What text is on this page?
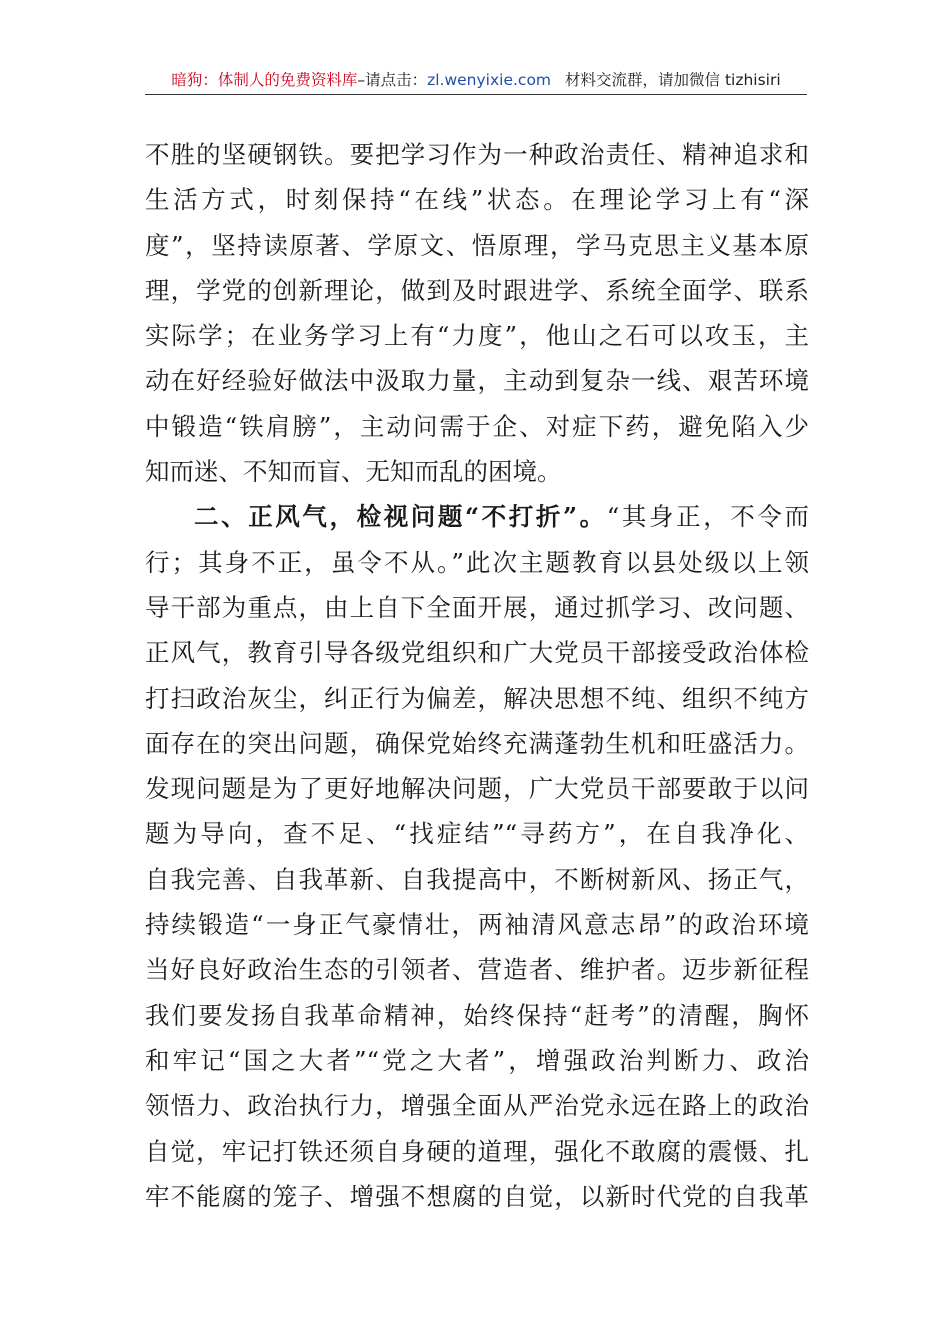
暗狗：体制人的免费资料库–请点击：zl.wenyixie.com 材料交流群，请加微信 tizhisiri
不胜的坚硬钢铁。要把学习作为一种政治责任、精神追求和
生活方式，时刻保持“在线”状态。在理论学习上有“深
度”，坚持读原著、学原文、悟原理，学马克思主义基本原
理，学党的创新理论，做到及时跟进学、系统全面学、联系
实际学；在业务学习上有“力度”，他山之石可以攻玉，主
动在好经验好做法中汲取力量，主动到复杂一线、艰苦环境
中锻造“铁肩膀”，主动问需于企、对症下药，避免陷入少
知而迷、不知而盲、无知而乱的困境。
二、正风气，检视问题“不打折”。“其身正，不令而
行；其身不正，虽令不从。”此次主题教育以县处级以上领
导干部为重点，由上自下全面开展，通过抓学习、改问题、
正风气，教育引导各级党组织和广大党员干部接受政治体检
打扫政治灰尘，纠正行为偏差，解决思想不纯、组织不纯方
面存在的突出问题，确保党始终充满蓬勃生机和旺盛活力。
发现问题是为了更好地解决问题，广大党员干部要敢于以问
题为导向，查不足、“找症结”“寻药方”，在自我净化、
自我完善、自我革新、自我提高中，不断树新风、扬正气，
持续锻造“一身正气豪情壮，两袖清风意志昂”的政治环境
当好良好政治生态的引领者、营造者、维护者。迈步新征程
我们要发扬自我革命精神，始终保持“赶考”的清醒，胸怀
和牢记“国之大者”“党之大者”，增强政治判断力、政治
领悟力、政治执行力，增强全面从严治党永远在路上的政治
自觉，牢记打铁还须自身硬的道理，强化不敢腐的震慑、扎
牢不能腐的笼子、增强不想腐的自觉，以新时代党的自我革
